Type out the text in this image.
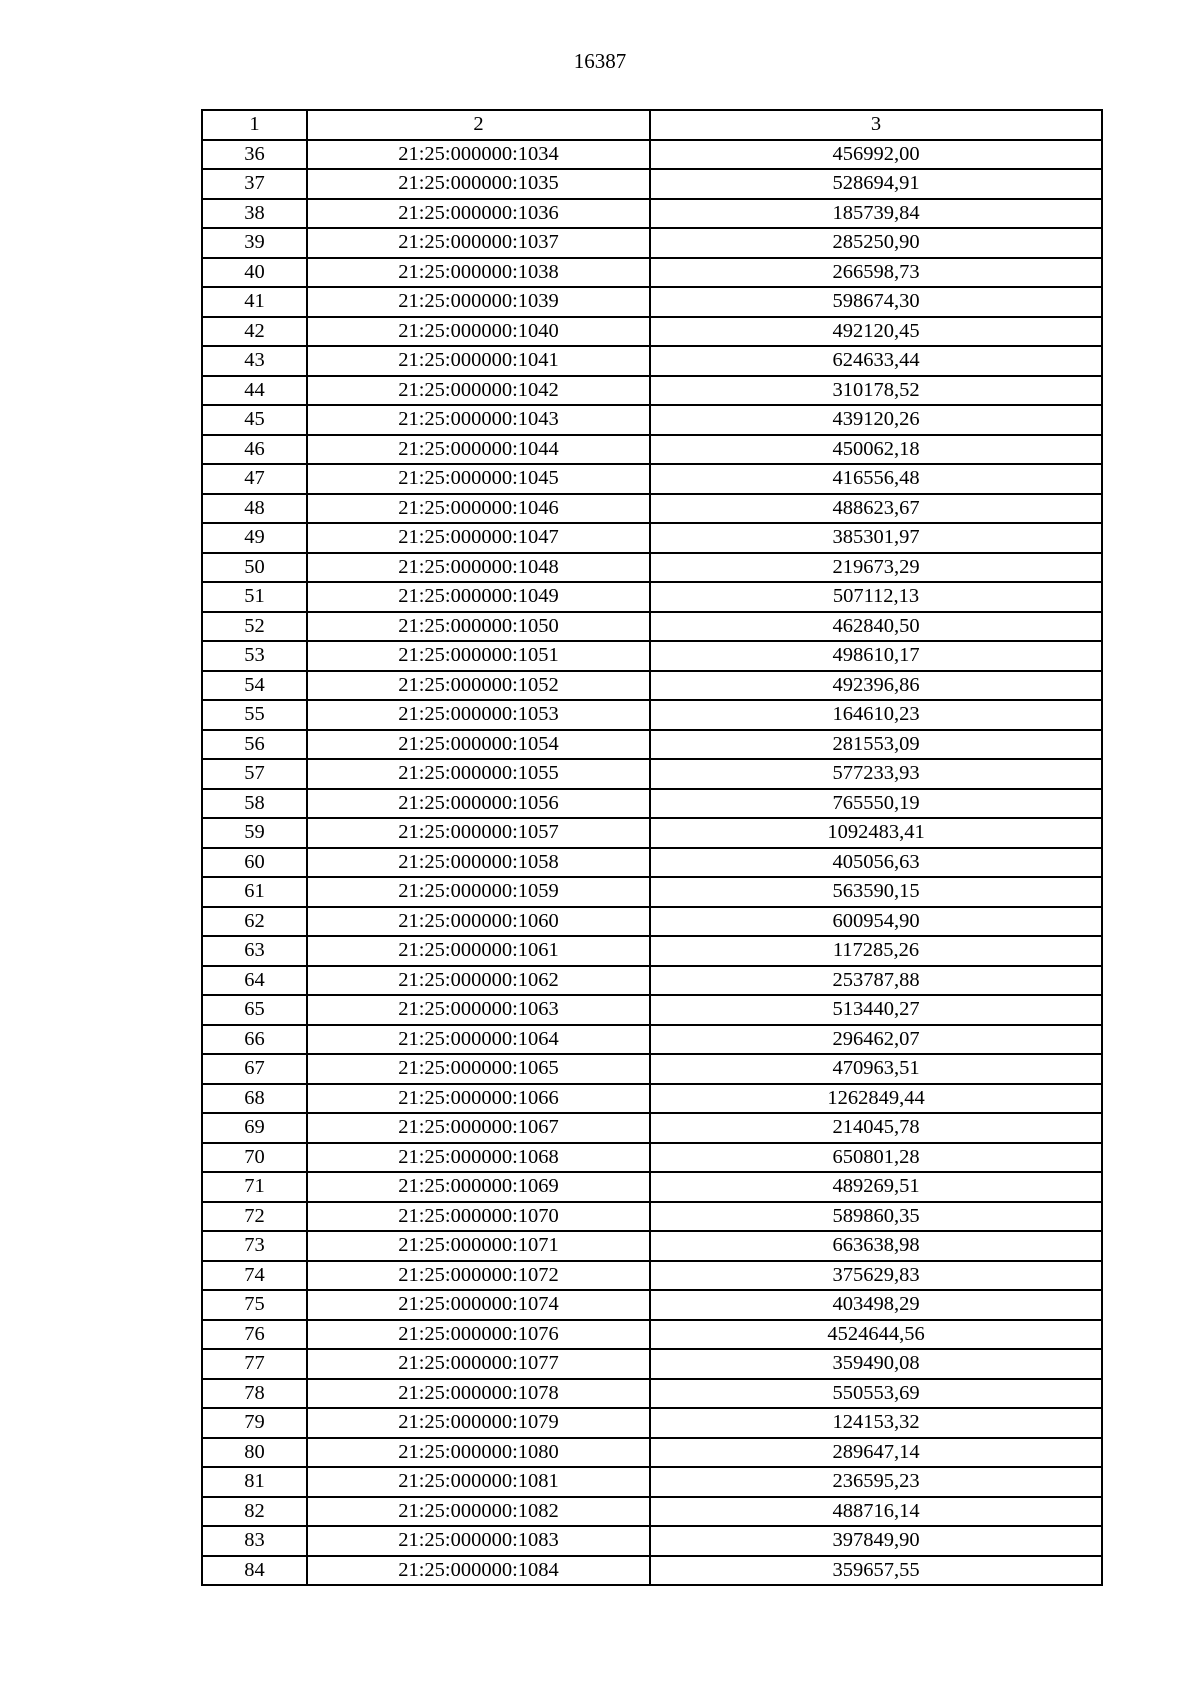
16387
1	2	3
36	21:25:000000:1034	456992,00
37	21:25:000000:1035	528694,91
38	21:25:000000:1036	185739,84
39	21:25:000000:1037	285250,90
40	21:25:000000:1038	266598,73
41	21:25:000000:1039	598674,30
42	21:25:000000:1040	492120,45
43	21:25:000000:1041	624633,44
44	21:25:000000:1042	310178,52
45	21:25:000000:1043	439120,26
46	21:25:000000:1044	450062,18
47	21:25:000000:1045	416556,48
48	21:25:000000:1046	488623,67
49	21:25:000000:1047	385301,97
50	21:25:000000:1048	219673,29
51	21:25:000000:1049	507112,13
52	21:25:000000:1050	462840,50
53	21:25:000000:1051	498610,17
54	21:25:000000:1052	492396,86
55	21:25:000000:1053	164610,23
56	21:25:000000:1054	281553,09
57	21:25:000000:1055	577233,93
58	21:25:000000:1056	765550,19
59	21:25:000000:1057	1092483,41
60	21:25:000000:1058	405056,63
61	21:25:000000:1059	563590,15
62	21:25:000000:1060	600954,90
63	21:25:000000:1061	117285,26
64	21:25:000000:1062	253787,88
65	21:25:000000:1063	513440,27
66	21:25:000000:1064	296462,07
67	21:25:000000:1065	470963,51
68	21:25:000000:1066	1262849,44
69	21:25:000000:1067	214045,78
70	21:25:000000:1068	650801,28
71	21:25:000000:1069	489269,51
72	21:25:000000:1070	589860,35
73	21:25:000000:1071	663638,98
74	21:25:000000:1072	375629,83
75	21:25:000000:1074	403498,29
76	21:25:000000:1076	4524644,56
77	21:25:000000:1077	359490,08
78	21:25:000000:1078	550553,69
79	21:25:000000:1079	124153,32
80	21:25:000000:1080	289647,14
81	21:25:000000:1081	236595,23
82	21:25:000000:1082	488716,14
83	21:25:000000:1083	397849,90
84	21:25:000000:1084	359657,55
